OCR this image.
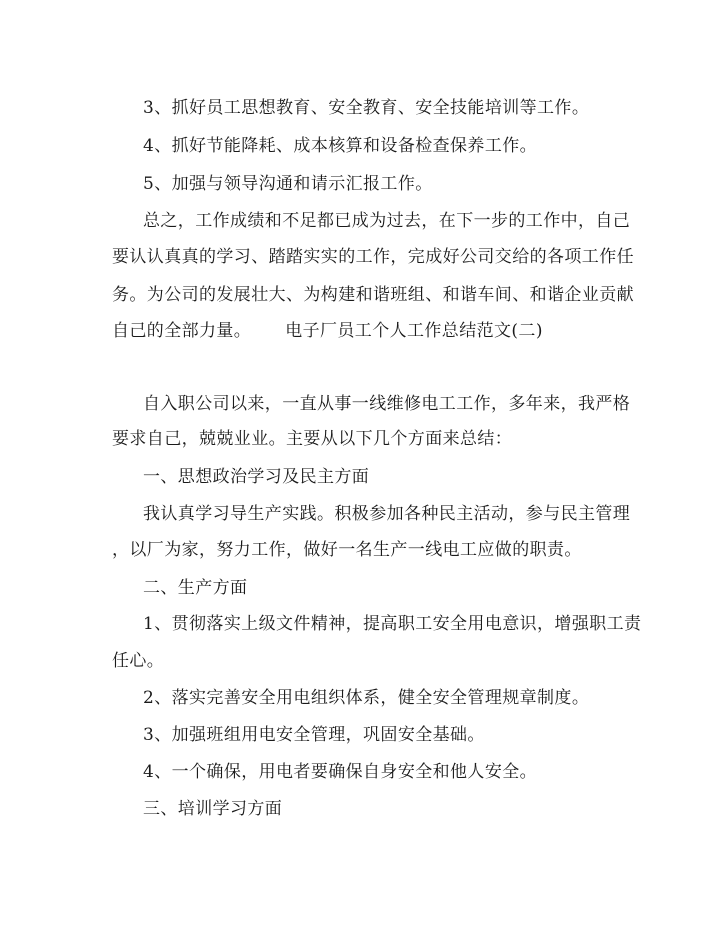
3、抓好员工思想教育、安全教育、安全技能培训等工作。
4、抓好节能降耗、成本核算和设备检查保养工作。
5、加强与领导沟通和请示汇报工作。
总之，工作成绩和不足都已成为过去，在下一步的工作中，自己
要认认真真的学习、踏踏实实的工作，完成好公司交给的各项工作任
务。为公司的发展壮大、为构建和谐班组、和谐车间、和谐企业贡献
自己的全部力量。 电子厂员工个人工作总结范文(二)
自入职公司以来，一直从事一线维修电工工作，多年来，我严格
要求自己，兢兢业业。主要从以下几个方面来总结：
一、思想政治学习及民主方面
我认真学习导生产实践。积极参加各种民主活动，参与民主管理
，以厂为家，努力工作，做好一名生产一线电工应做的职责。
二、生产方面
1、贯彻落实上级文件精神，提高职工安全用电意识，增强职工责
任心。
2、落实完善安全用电组织体系，健全安全管理规章制度。
3、加强班组用电安全管理，巩固安全基础。
4、一个确保，用电者要确保自身安全和他人安全。
三、培训学习方面
